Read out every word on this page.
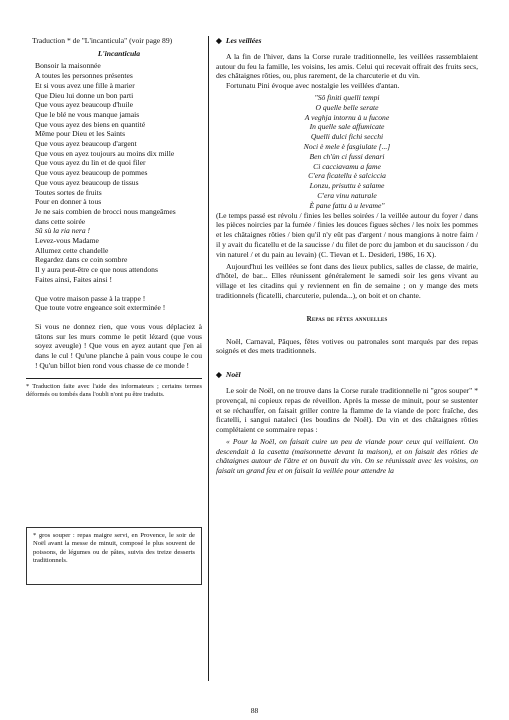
Traduction * de "L'incanticula" (voir page 89)
L'incanticula
Bonsoir la maisonnée
A toutes les personnes présentes
Et si vous avez une fille à marier
Que Dieu lui donne un bon parti
Que vous ayez beaucoup d'huile
Que le blé ne vous manque jamais
Que vous ayez des biens en quantité
Même pour Dieu et les Saints
Que vous ayez beaucoup d'argent
Que vous en ayez toujours au moins dix mille
Que vous ayez du lin et de quoi filer
Que vous ayez beaucoup de pommes
Que vous ayez beaucoup de tissus
Toutes sortes de fruits
Pour en donner à tous
Je ne sais combien de brocci nous mangeâmes
dans cette soirée
Sû sù la ria nera !
Levez-vous Madame
Allumez cette chandelle
Regardez dans ce coin sombre
Il y aura peut-être ce que nous attendons
Faites ainsi, Faites ainsi !
Que votre maison passe à la trappe !
Que toute votre engeance soit exterminée !
Si vous ne donnez rien, que vous vous déplaciez à tâtons sur les murs comme le petit lézard (que vous soyez aveugle) ! Que vous en ayez autant que j'en ai dans le cul ! Qu'une planche à pain vous coupe le cou ! Qu'un billot bien rond vous chasse de ce monde !
* Traduction faite avec l'aide des informateurs ; certains termes déformés ou tombés dans l'oubli n'ont pu être traduits.
* gros souper : repas maigre servi, en Provence, le soir de Noël avant la messe de minuit, composé le plus souvent de poissons, de légumes ou de pâtes, suivis des treize desserts traditionnels.
◆ Les veillées
A la fin de l'hiver, dans la Corse rurale traditionnelle, les veillées rassemblaient autour du feu la famille, les voisins, les amis. Celui qui recevait offrait des fruits secs, des châtaignes rôties, ou, plus rarement, de la charcuterie et du vin.
Fortunatu Pini évoque avec nostalgie les veillées d'antan.
"Sô finiti quelli tempi
O quelle belle serate
A veghja intornu à u fucone
In quelle sale affumicate
Quelli dulci fichi secchi
Noci è mele è fasgiulate [...]
Ben ch'ùn ci fussi denari
Ci cacciavamu a fame
C'era ficatellu è salciccia
Lonzu, prisuttu è salame
C'era vinu naturale
È pane fattu à u levame"
(Le temps passé est révolu / finies les belles soirées / la veillée autour du foyer / dans les pièces noircies par la fumée / finies les douces figues sèches / les noix les pommes et les châtaignes rôties / bien qu'il n'y eût pas d'argent / nous mangions à notre faim / il y avait du ficatellu et de la saucisse / du filet de porc du jambon et du saucisson / du vin naturel / et du pain au levain) (C. Tievan et L. Desideri, 1986, 16 X).
Aujourd'hui les veillées se font dans des lieux publics, salles de classe, de mairie, d'hôtel, de bar... Elles réunissent généralement le samedi soir les gens vivant au village et les citadins qui y reviennent en fin de semaine ; on y mange des mets traditionnels (ficatelli, charcuterie, pulenda...), on boit et on chante.
Repas de fêtes annuelles
Noël, Carnaval, Pâques, fêtes votives ou patronales sont marqués par des repas soignés et des mets traditionnels.
◆ Noël
Le soir de Noël, on ne trouve dans la Corse rurale traditionnelle ni "gros souper" * provençal, ni copieux repas de réveillon. Après la messe de minuit, pour se sustenter et se réchauffer, on faisait griller contre la flamme de la viande de porc fraîche, des ficatelli, i sangui nataleci (les boudins de Noël). Du vin et des châtaignes rôties complétaient ce sommaire repas :
« Pour la Noël, on faisait cuire un peu de viande pour ceux qui veillaient. On descendait à la casetta (maisonnette devant la maison), et on faisait des rôties de châtaignes autour de l'âtre et on buvait du vin. On se réunissait avec les voisins, on faisait un grand feu et on faisait la veillée pour attendre la
88
